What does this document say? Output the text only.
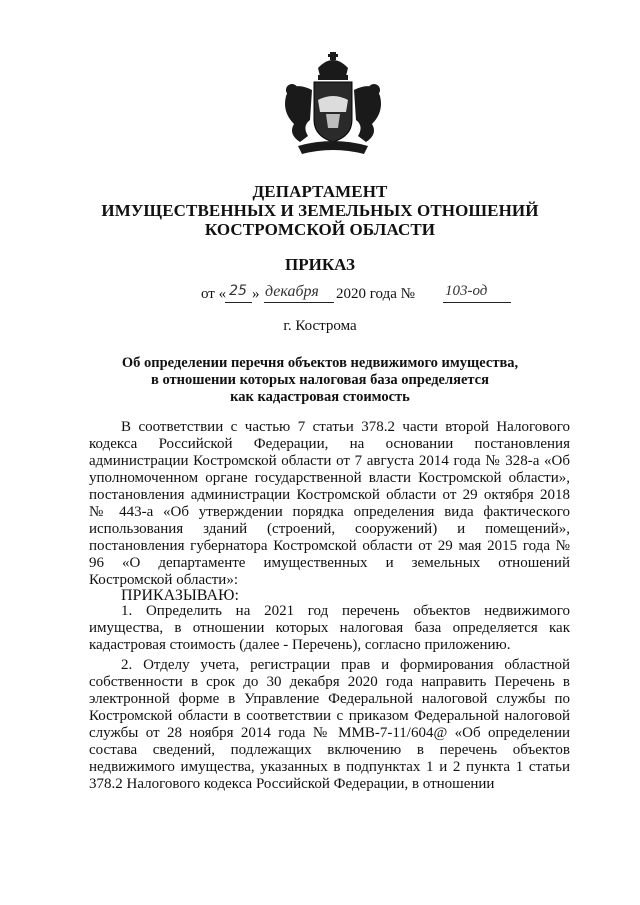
ДЕПАРТАМЕНТ
ИМУЩЕСТВЕННЫХ И ЗЕМЕЛЬНЫХ ОТНОШЕНИЙ
КОСТРОМСКОЙ ОБЛАСТИ
ПРИКАЗ
от « 25 » декабря	2020 года № 103-од
г. Кострома
Об определении перечня объектов недвижимого имущества,
в отношении которых налоговая база определяется
как кадастровая стоимость

В соответствии с частью 7 статьи 378.2 части второй Налогового кодекса Российской Федерации, на основании постановления администрации Костромской области от 7 августа 2014 года № 328-а «Об уполномоченном органе государственной власти Костромской области», постановления администрации Костромской области от 29 октября 2018 № 443-а «Об утверждении порядка определения вида фактического использования зданий (строений, сооружений) и помещений», постановления губернатора Костромской области от 29 мая 2015 года № 96 «О департаменте имущественных и земельных отношений Костромской области»:

ПРИКАЗЫВАЮ:

1. Определить на 2021 год перечень объектов недвижимого имущества, в отношении которых налоговая база определяется как кадастровая стоимость (далее - Перечень), согласно приложению.

2. Отделу учета, регистрации прав и формирования областной собственности в срок до 30 декабря 2020 года направить Перечень в электронной форме в Управление Федеральной налоговой службы по Костромской области в соответствии с приказом Федеральной налоговой службы от 28 ноября 2014 года № ММВ-7-11/604@ «Об определении состава сведений, подлежащих включению в перечень объектов недвижимого имущества, указанных в подпунктах 1 и 2 пункта 1 статьи 378.2 Налогового кодекса Российской Федерации, в отношении
